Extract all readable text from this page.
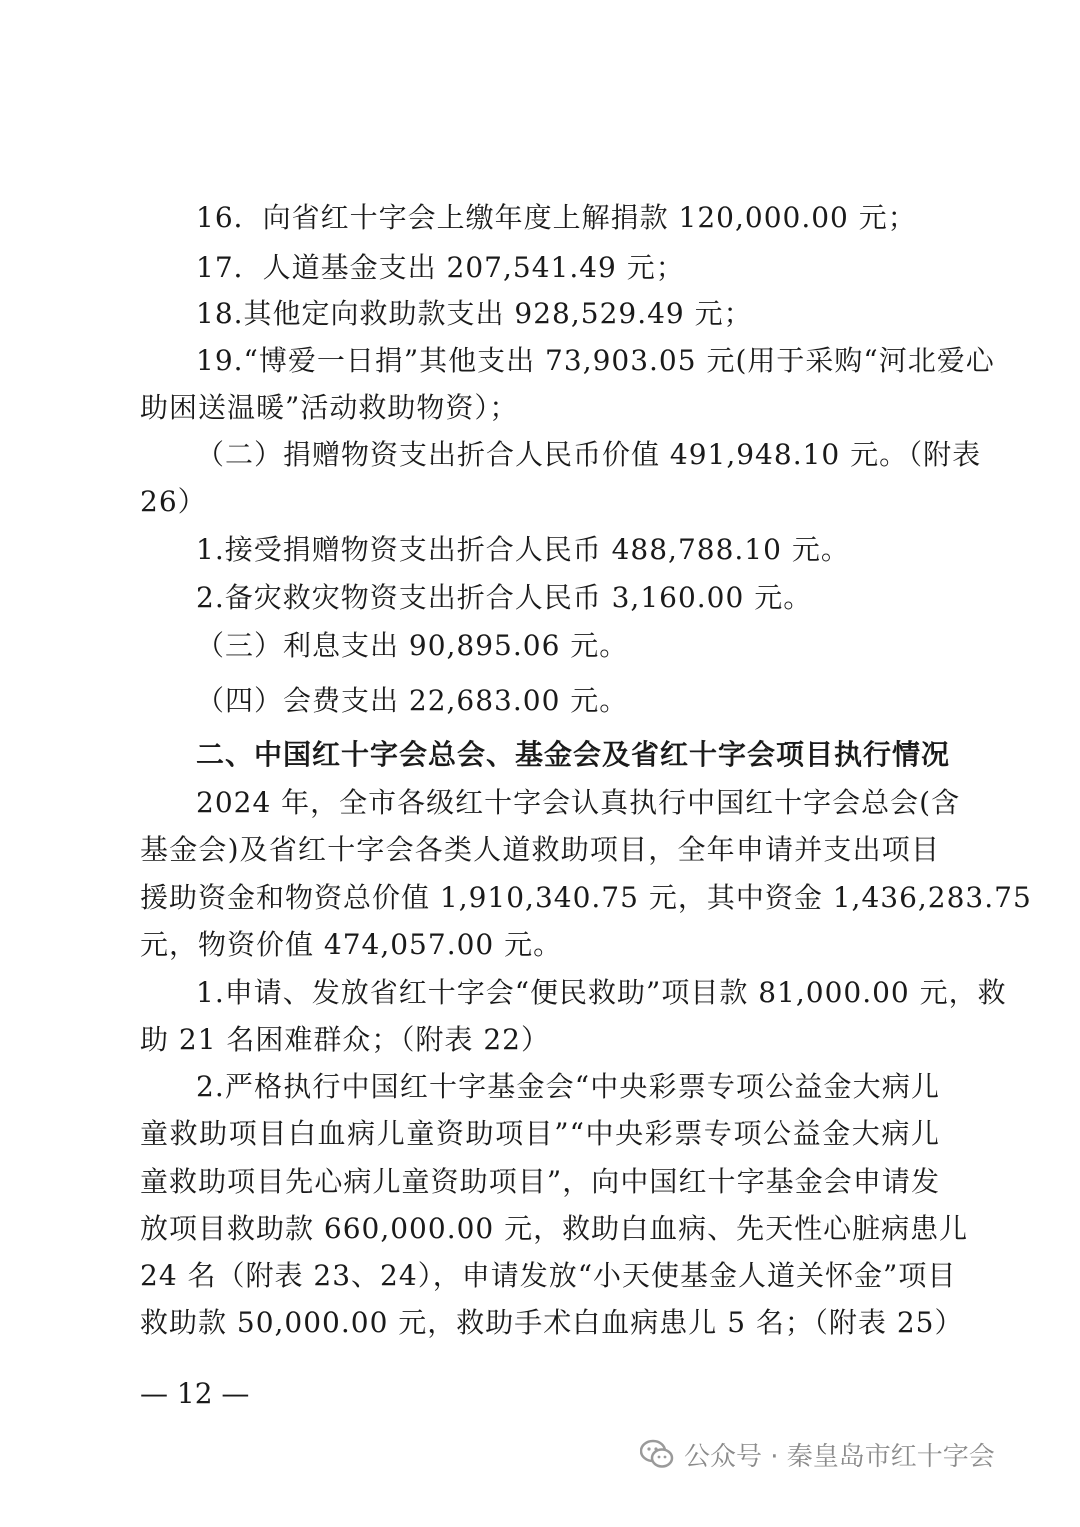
16．向省红十字会上缴年度上解捐款 120,000.00 元；
17．人道基金支出 207,541.49 元；
18.其他定向救助款支出 928,529.49 元；
19.“博爱一日捐”其他支出 73,903.05 元(用于采购“河北爱心
助困送温暖”活动救助物资）；
（二）捐赠物资支出折合人民币价值 491,948.10 元。（附表
26）
1.接受捐赠物资支出折合人民币 488,788.10 元。
2.备灾救灾物资支出折合人民币 3,160.00 元。
（三）利息支出 90,895.06 元。
（四）会费支出 22,683.00 元。
二、中国红十字会总会、基金会及省红十字会项目执行情况
2024 年，全市各级红十字会认真执行中国红十字会总会(含
基金会)及省红十字会各类人道救助项目，全年申请并支出项目
援助资金和物资总价值 1,910,340.75 元，其中资金 1,436,283.75
元，物资价值 474,057.00 元。
1.申请、发放省红十字会“便民救助”项目款 81,000.00 元，救
助 21 名困难群众；（附表 22）
2.严格执行中国红十字基金会“中央彩票专项公益金大病儿
童救助项目白血病儿童资助项目”“中央彩票专项公益金大病儿
童救助项目先心病儿童资助项目”，向中国红十字基金会申请发
放项目救助款 660,000.00 元，救助白血病、先天性心脏病患儿
24 名（附表 23、24），申请发放“小天使基金人道关怀金”项目
救助款 50,000.00 元，救助手术白血病患儿 5 名；（附表 25）
— 12 —
公众号 · 秦皇岛市红十字会
